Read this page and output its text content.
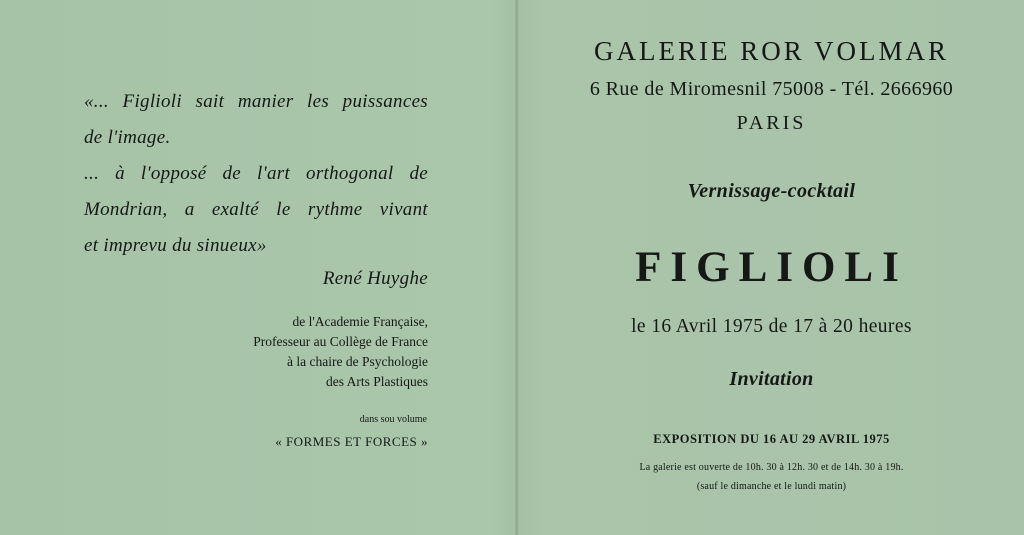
«... Figlioli sait manier les puissances
de l'image.
... à l'opposé de l'art orthogonal de
Mondrian, a exalté le rythme vivant
et imprevu du sinueux»
René Huyghe
de l'Academie Française,
Professeur au Collège de France
à la chaire de Psychologie
des Arts Plastiques
dans sou volume
« FORMES ET FORCES »
GALERIE ROR VOLMAR
6 Rue de Miromesnil 75008 - Tél. 2666960
PARIS
Vernissage-cocktail
FIGLIOLI
le 16 Avril 1975 de 17 à 20 heures
Invitation
EXPOSITION DU 16 AU 29 AVRIL 1975
La galerie est ouverte de 10h. 30 à 12h. 30 et de 14h. 30 à 19h.
(sauf le dimanche et le lundi matin)
